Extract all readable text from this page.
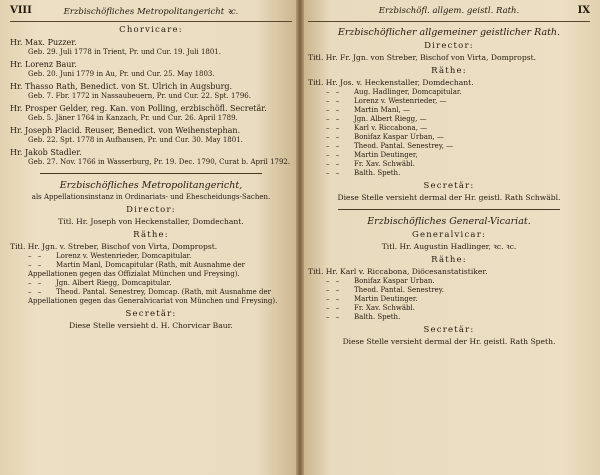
VIII	Erzbischöfliches Metropolitangericht ꝛc.
Chorvicare:
Hr. Max. Puzzer.
Geb. 29. Juli 1778 in Trient, Pr. und Cur. 19. Juli 1801.
Hr. Lorenz Baur.
Geb. 20. Juni 1779 in Au, Pr. und Cur. 25. May 1803.
Hr. Thasso Rath, Benedict. von St. Ulrich in Augsburg.
Geb. 7. Fbr. 1772 in Nassaubeuern, Pr. und Cur. 22. Spt. 1796.
Hr. Prosper Gelder, reg. Kan. von Polling, erzbischöfl. Secretär.
Geb. 5. Jäner 1764 in Kanzach, Pr. und Cur. 26. April 1789.
Hr. Joseph Placid. Reuser, Benedict. von Weihenstephan.
Geb. 22. Spt. 1778 in Aufhausen, Pr. und Cur. 30. May 1801.
Hr. Jakob Stadler.
Geb. 27. Nov. 1766 in Wasserburg, Pr. 19. Dec. 1790, Curat b. April 1792.
Erzbischöfliches Metropolitangericht,
als Appellationsinstanz in Ordinariats- und Ehescheidungs-Sachen.
Director:
Titl. Hr. Joseph von Heckenstaller, Domdechant.
Räthe:
Titl. Hr. Jgn. v. Streber, Bischof von Virta, Dompropst.
– – Lorenz v. Westenrieder, Domcapitular.
– – Martin Manl, Domcapitular (Rath, mit Ausnahme der Appellationen gegen das Offizialat München und Freysing).
– – Jgn. Albert Riegg, Domcapitular.
– – Theod. Pantal. Senestrey, Domcap. (Rath, mit Ausnahme der Appellationen gegen das Generalvicariat von München und Freysing).
Secretär:
Diese Stelle versieht d. H. Chorvicar Baur.
Erzbischöfl. allgem. geistl. Rath.	IX
Erzbischöflicher allgemeiner geistlicher Rath.
Director:
Titl. Hr. Fr. Jgn. von Streber, Bischof von Virta, Dompropst.
Räthe:
Titl. Hr. Jos. v. Heckenstaller, Domdechant.
– – Aug. Hadlinger, Domcapitular.
– – Lorenz v. Westenrieder, —
– – Martin Manl, —
– – Jgn. Albert Riegg, —
– – Karl v. Riccabona, —
– – Bonifaz Kaspar Urban, —
– – Theod. Pantal. Senestrey, —
– – Martin Deutinger,
– – Fr. Xav. Schwäbl.
– – Balth. Speth.
Secretär:
Diese Stelle versieht dermal der Hr. geistl. Rath Schwäbl.
Erzbischöfliches General-Vicariat.
Generalvicar:
Titl. Hr. Augustin Hadlinger, ꝛc. ꝛc.
Räthe:
Titl. Hr. Karl v. Riccabona, Diöcesanstatistiker.
– – Bonifaz Kaspar Urban.
– – Theod. Pantal. Senestrey.
– – Martin Deutinger.
– – Fr. Xav. Schwäbl.
– – Balth. Speth.
Secretär:
Diese Stelle versieht dermal der Hr. geistl. Rath Speth.
